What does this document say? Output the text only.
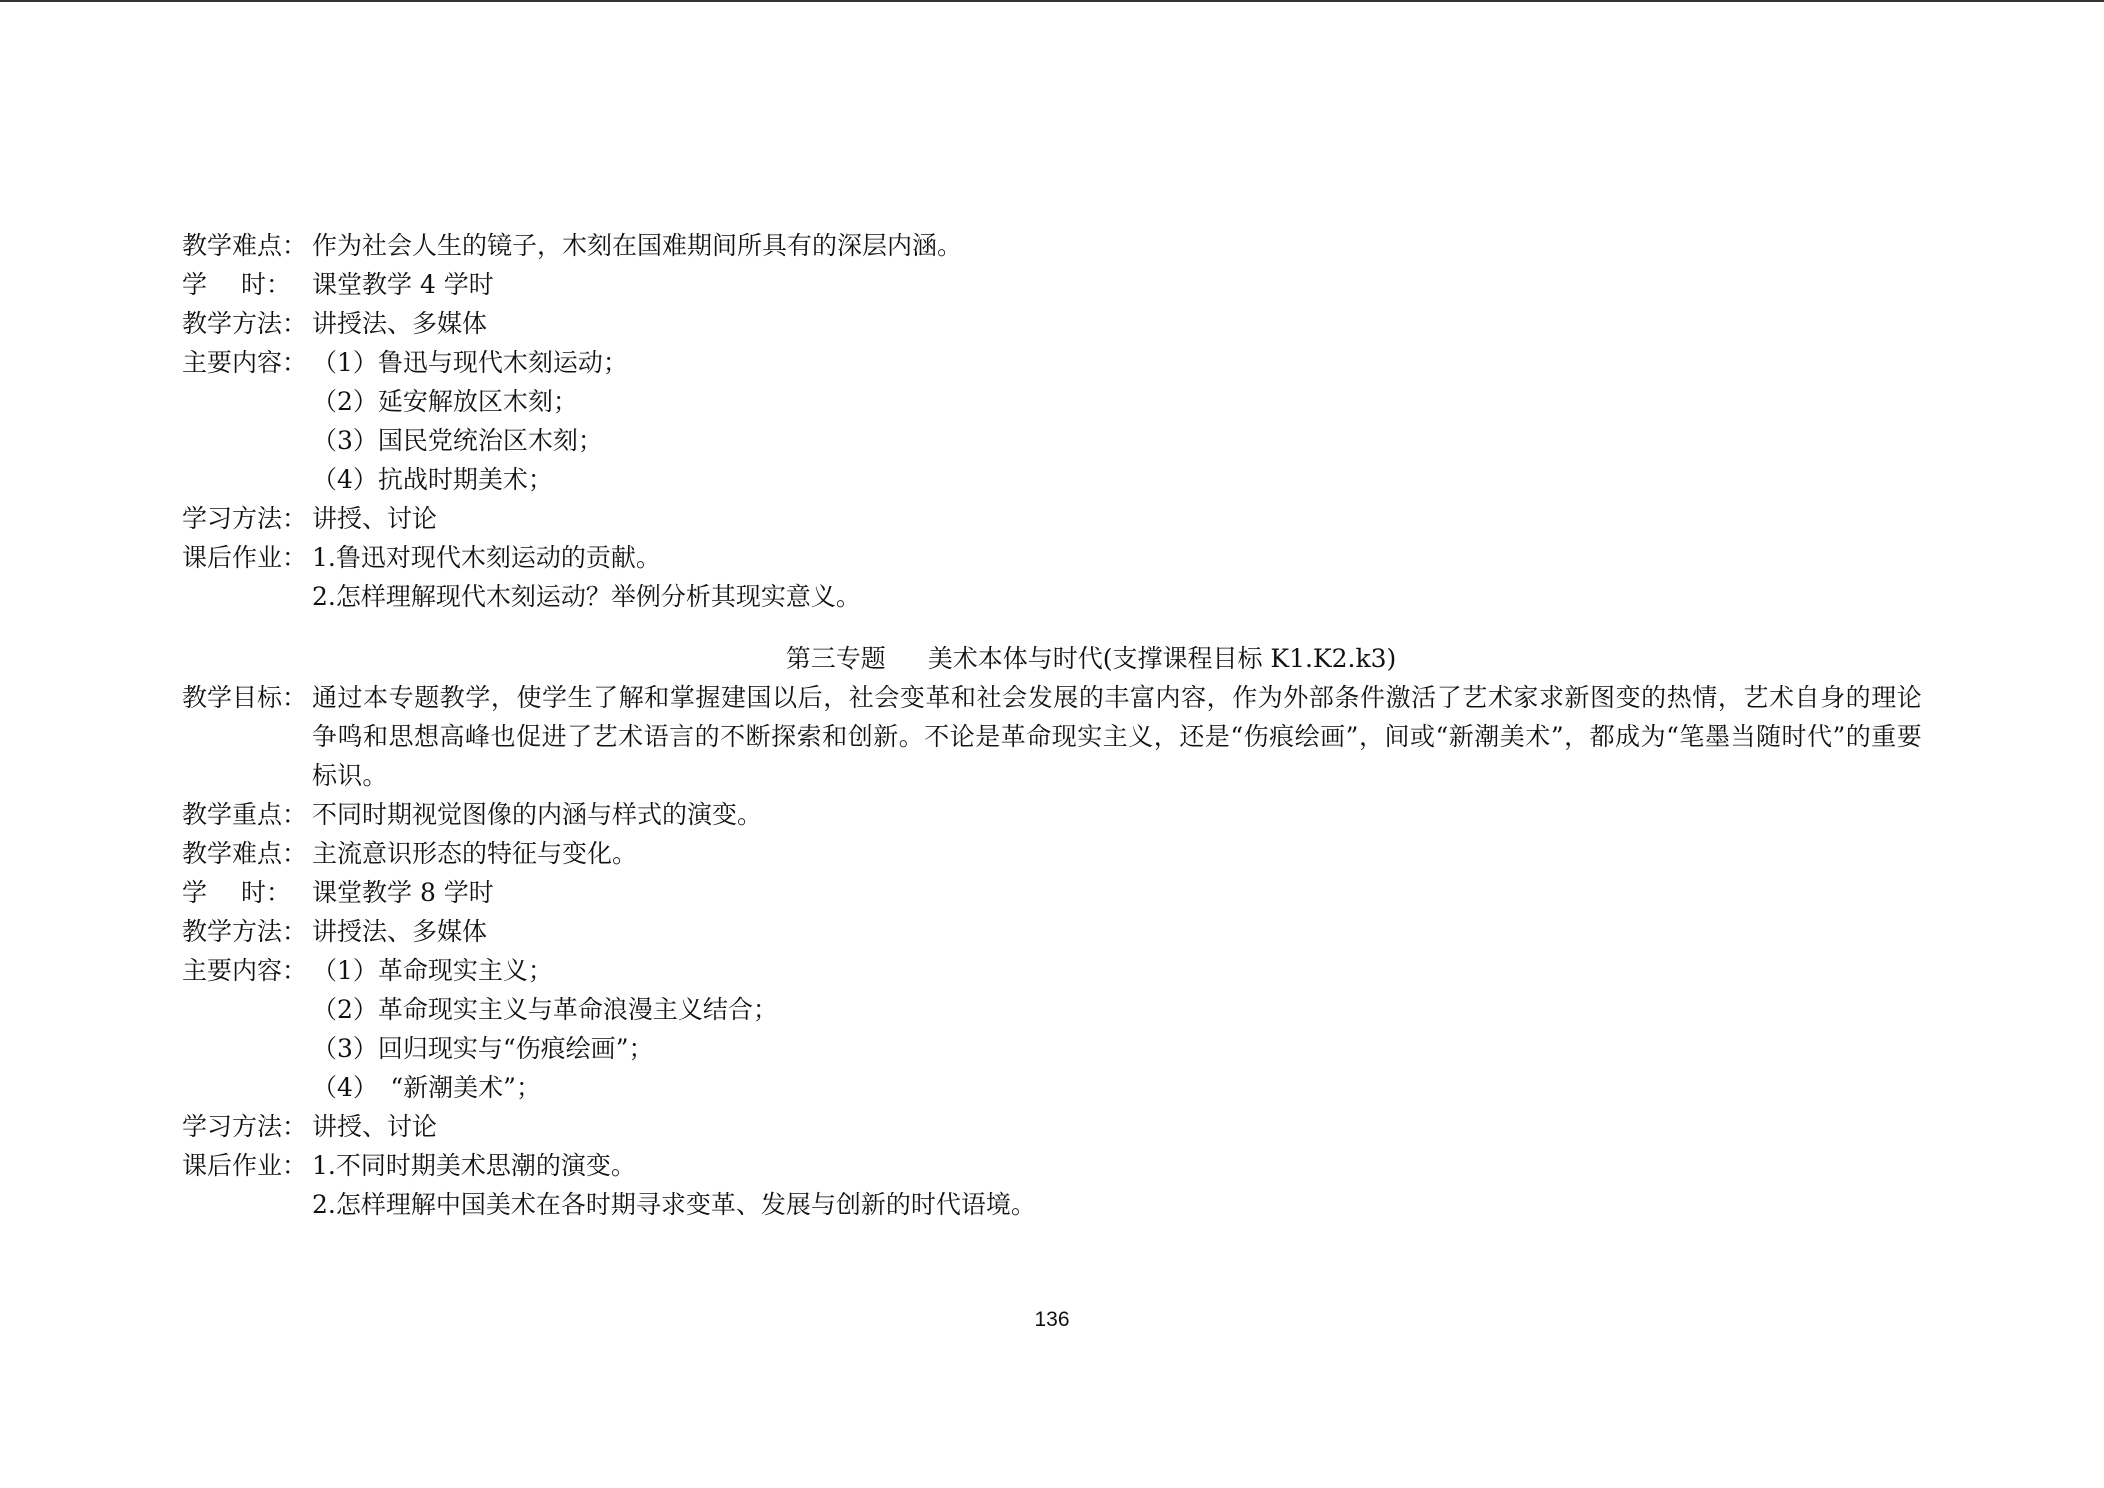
教学难点： 作为社会人生的镜子，木刻在国难期间所具有的深层内涵。
学 时： 课堂教学 4 学时
教学方法： 讲授法、多媒体
主要内容： （1）鲁迅与现代木刻运动；
（2）延安解放区木刻；
（3）国民党统治区木刻；
（4）抗战时期美术；
学习方法： 讲授、讨论
课后作业： 1.鲁迅对现代木刻运动的贡献。
2.怎样理解现代木刻运动？举例分析其现实意义。
第三专题 美术本体与时代(支撑课程目标 K1.K2.k3)
教学目标： 通过本专题教学，使学生了解和掌握建国以后，社会变革和社会发展的丰富内容，作为外部条件激活了艺术家求新图变的热情，艺术自身的理论争鸣和思想高峰也促进了艺术语言的不断探索和创新。不论是革命现实主义，还是“伤痕绘画”，间或“新潮美术”，都成为“笔墨当随时代”的重要标识。
教学重点： 不同时期视觉图像的内涵与样式的演变。
教学难点： 主流意识形态的特征与变化。
学 时： 课堂教学 8 学时
教学方法： 讲授法、多媒体
主要内容： （1）革命现实主义；
（2）革命现实主义与革命浪漫主义结合；
（3）回归现实与“伤痕绘画”；
（4）　“新潮美术”；
学习方法： 讲授、讨论
课后作业： 1.不同时期美术思潮的演变。
2.怎样理解中国美术在各时期寻求变革、发展与创新的时代语境。
136
